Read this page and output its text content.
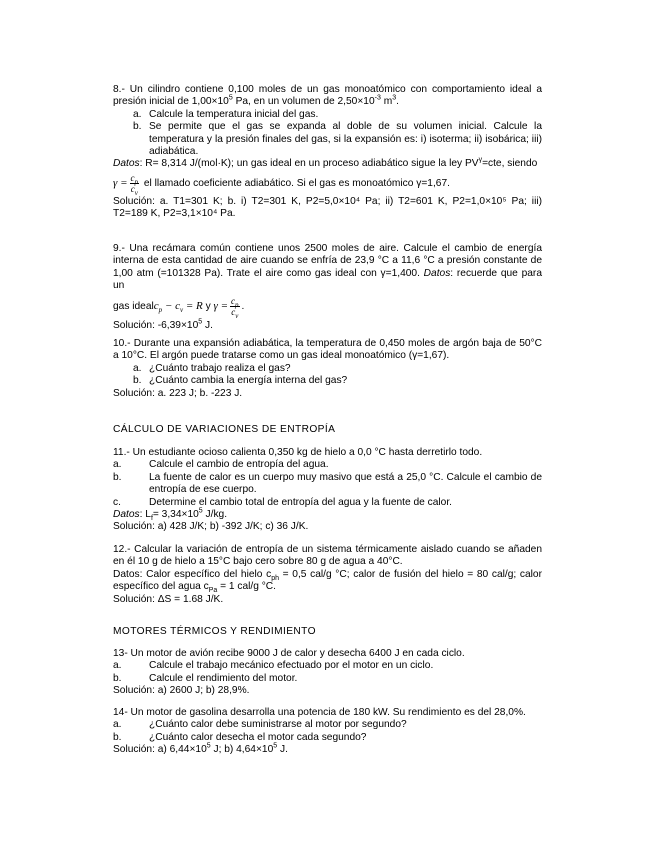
8.- Un cilindro contiene 0,100 moles de un gas monoatómico con comportamiento ideal a presión inicial de $1,00\times 10^5$ Pa, en un volumen de $2,50\times 10^{-3}$ $m^3$.

a. Calcule la temperatura inicial del gas.
b. Se permite que el gas se expanda al doble de su volumen inicial. Calcule la temperatura y la presión finales del gas, si la expansión es: i) isoterma; ii) isobárica; iii) adiabática.

Datos: R= 8,314 J/(mol·K); un gas ideal en un proceso adiabático sigue la ley $PV^\gamma=cte$, siendo

$\gamma = \frac{c_p}{c_v}$ el llamado coeficiente adiabático. Si el gas es monoatómico γ=1,67.

Solución: a. T1=301 K; b. i) T2=301 K, P2=5,0×10⁴ Pa; ii) T2=601 K, P2=1,0×10⁵ Pa; iii) T2=189 K, P2=3,1×10⁴ Pa.

9.- Una recámara común contiene unos 2500 moles de aire. Calcule el cambio de energía interna de esta cantidad de aire cuando se enfría de 23,9 °C a 11,6 °C a presión constante de 1,00 atm (=101328 Pa). Trate el aire como gas ideal con γ=1,400. Datos: recuerde que para un

gas idealc$_p$ − $c_v = R$ y $\gamma = \frac{c_p}{c_v}$ .

Solución: $-6,39\times 10^5$ J.

10.- Durante una expansión adiabática, la temperatura de 0,450 moles de argón baja de 50°C a 10°C. El argón puede tratarse como un gas ideal monoatómico (γ=1,67).

a. ¿Cuánto trabajo realiza el gas?
b. ¿Cuánto cambia la energía interna del gas?

Solución: a. 223 J; b. -223 J.

CÁLCULO DE VARIACIONES DE ENTROPÍA

11.- Un estudiante ocioso calienta 0,350 kg de hielo a 0,0 °C hasta derretirlo todo.

a.	Calcule el cambio de entropía del agua.
b.	La fuente de calor es un cuerpo muy masivo que está a 25,0 °C. Calcule el cambio de entropía de ese cuerpo.
c.	Determine el cambio total de entropía del agua y la fuente de calor.

Datos: $L_f= 3,34\times 10^5$ J/kg.

Solución: a) 428 J/K; b) -392 J/K; c) 36 J/K.

12.- Calcular la variación de entropía de un sistema térmicamente aislado cuando se añaden en él 10 g de hielo a 15°C bajo cero sobre 80 g de agua a 40°C.

Datos: Calor específico del hielo $c_{ph} = 0,5$ cal/g °C; calor de fusión del hielo = 80 cal/g; calor específico del agua $c_{Pa} = 1$ cal/g °C.

Solución: ΔS = 1.68 J/K.

MOTORES TÉRMICOS Y RENDIMIENTO

13- Un motor de avión recibe 9000 J de calor y desecha 6400 J en cada ciclo.

a.	Calcule el trabajo mecánico efectuado por el motor en un ciclo.
b.	Calcule el rendimiento del motor.

Solución: a) 2600 J; b) 28,9%.

14- Un motor de gasolina desarrolla una potencia de 180 kW. Su rendimiento es del 28,0%.

a.	¿Cuánto calor debe suministrarse al motor por segundo?
b.	¿Cuánto calor desecha el motor cada segundo?

Solución: a) $6,44\times 10^5$ J; b) $4,64\times 10^5$ J.
